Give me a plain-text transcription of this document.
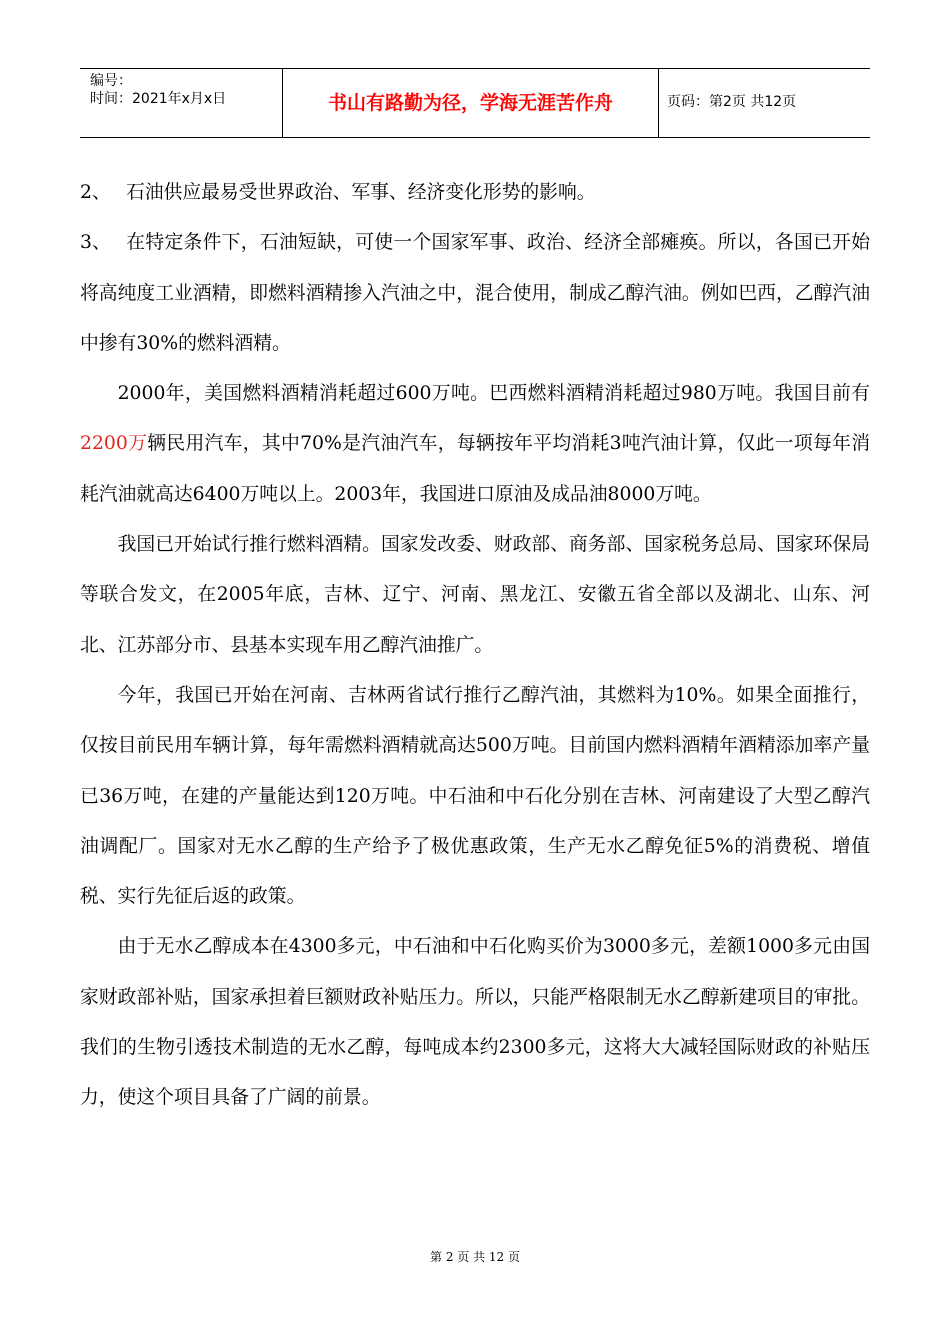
编号：
时间：2021年x月x日	书山有路勤为径，学海无涯苦作舟	页码：第2页 共12页

2、 石油供应最易受世界政治、军事、经济变化形势的影响。

3、 在特定条件下，石油短缺，可使一个国家军事、政治、经济全部瘫痪。所以，各国已开始将高纯度工业酒精，即燃料酒精掺入汽油之中，混合使用，制成乙醇汽油。例如巴西，乙醇汽油中掺有30%的燃料酒精。

2000年，美国燃料酒精消耗超过600万吨。巴西燃料酒精消耗超过980万吨。我国目前有2200万辆民用汽车，其中70%是汽油汽车，每辆按年平均消耗3吨汽油计算，仅此一项每年消耗汽油就高达6400万吨以上。2003年，我国进口原油及成品油8000万吨。

我国已开始试行推行燃料酒精。国家发改委、财政部、商务部、国家税务总局、国家环保局等联合发文，在2005年底，吉林、辽宁、河南、黑龙江、安徽五省全部以及湖北、山东、河北、江苏部分市、县基本实现车用乙醇汽油推广。

今年，我国已开始在河南、吉林两省试行推行乙醇汽油，其燃料为10%。如果全面推行，仅按目前民用车辆计算，每年需燃料酒精就高达500万吨。目前国内燃料酒精年酒精添加率产量已36万吨，在建的产量能达到120万吨。中石油和中石化分别在吉林、河南建设了大型乙醇汽油调配厂。国家对无水乙醇的生产给予了极优惠政策，生产无水乙醇免征5%的消费税、增值税、实行先征后返的政策。

由于无水乙醇成本在4300多元，中石油和中石化购买价为3000多元，差额1000多元由国家财政部补贴，国家承担着巨额财政补贴压力。所以，只能严格限制无水乙醇新建项目的审批。我们的生物引透技术制造的无水乙醇，每吨成本约2300多元，这将大大减轻国际财政的补贴压力，使这个项目具备了广阔的前景。

第 2 页 共 12 页
